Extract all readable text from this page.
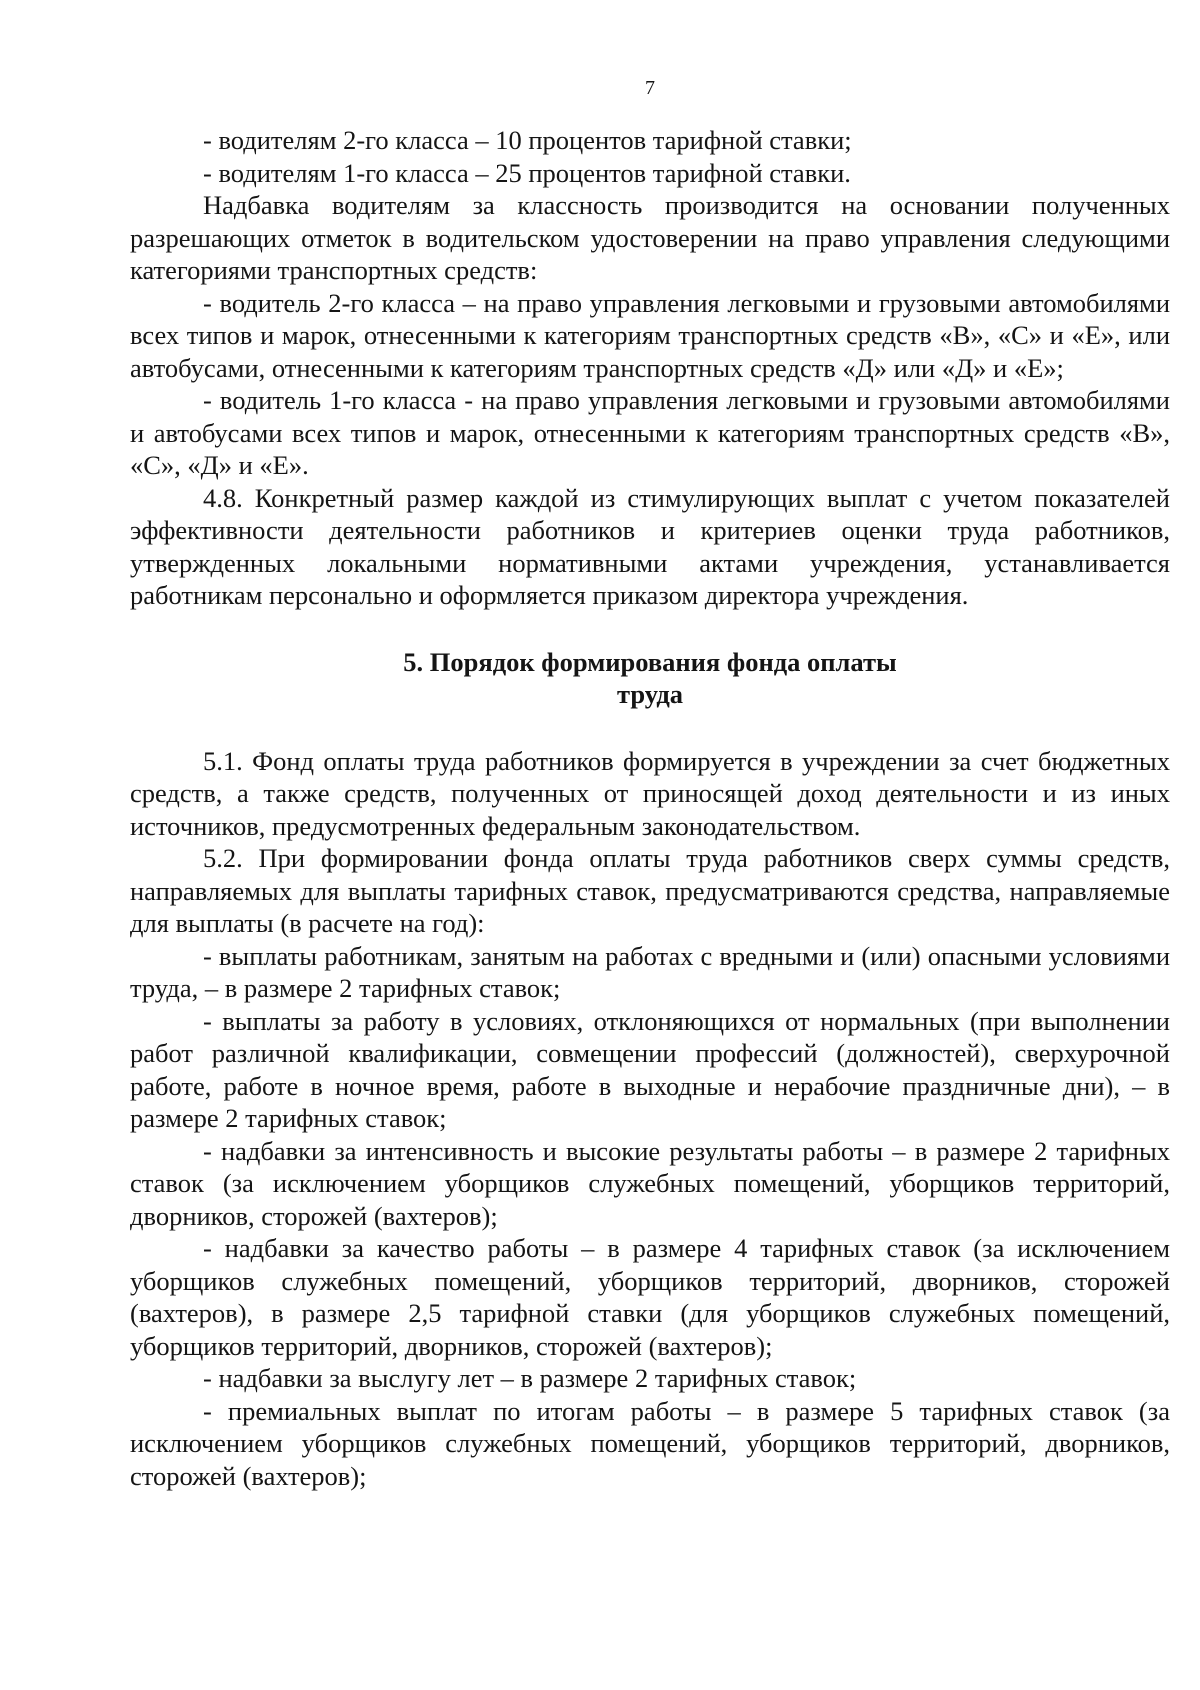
7

- водителям 2-го класса – 10 процентов тарифной ставки;

- водителям 1-го класса – 25 процентов тарифной ставки.

Надбавка водителям за классность производится на основании полученных разрешающих отметок в водительском удостоверении на право управления следующими категориями транспортных средств:

- водитель 2-го класса – на право управления легковыми и грузовыми автомобилями всех типов и марок, отнесенными к категориям транспортных средств «В», «С» и «Е», или автобусами, отнесенными к категориям транспортных средств «Д» или «Д» и «Е»;

- водитель 1-го класса - на право управления легковыми и грузовыми автомобилями и автобусами всех типов и марок, отнесенными к категориям транспортных средств «В», «С», «Д» и «Е».

4.8. Конкретный размер каждой из стимулирующих выплат с учетом показателей эффективности деятельности работников и критериев оценки труда работников, утвержденных локальными нормативными актами учреждения, устанавливается работникам персонально и оформляется приказом директора учреждения.

5. Порядок формирования фонда оплаты
труда

5.1. Фонд оплаты труда работников формируется в учреждении за счет бюджетных средств, а также средств, полученных от приносящей доход деятельности и из иных источников, предусмотренных федеральным законодательством.

5.2. При формировании фонда оплаты труда работников сверх суммы средств, направляемых для выплаты тарифных ставок, предусматриваются средства, направляемые для выплаты (в расчете на год):

- выплаты работникам, занятым на работах с вредными и (или) опасными условиями труда, – в размере 2 тарифных ставок;

- выплаты за работу в условиях, отклоняющихся от нормальных (при выполнении работ различной квалификации, совмещении профессий (должностей), сверхурочной работе, работе в ночное время, работе в выходные и нерабочие праздничные дни), – в размере 2 тарифных ставок;

- надбавки за интенсивность и высокие результаты работы – в размере 2 тарифных ставок (за исключением уборщиков служебных помещений, уборщиков территорий, дворников, сторожей (вахтеров);

- надбавки за качество работы – в размере 4 тарифных ставок (за исключением уборщиков служебных помещений, уборщиков территорий, дворников, сторожей (вахтеров), в размере 2,5 тарифной ставки (для уборщиков служебных помещений, уборщиков территорий, дворников, сторожей (вахтеров);

- надбавки за выслугу лет – в размере 2 тарифных ставок;

- премиальных выплат по итогам работы – в размере 5 тарифных ставок (за исключением уборщиков служебных помещений, уборщиков территорий, дворников, сторожей (вахтеров);
